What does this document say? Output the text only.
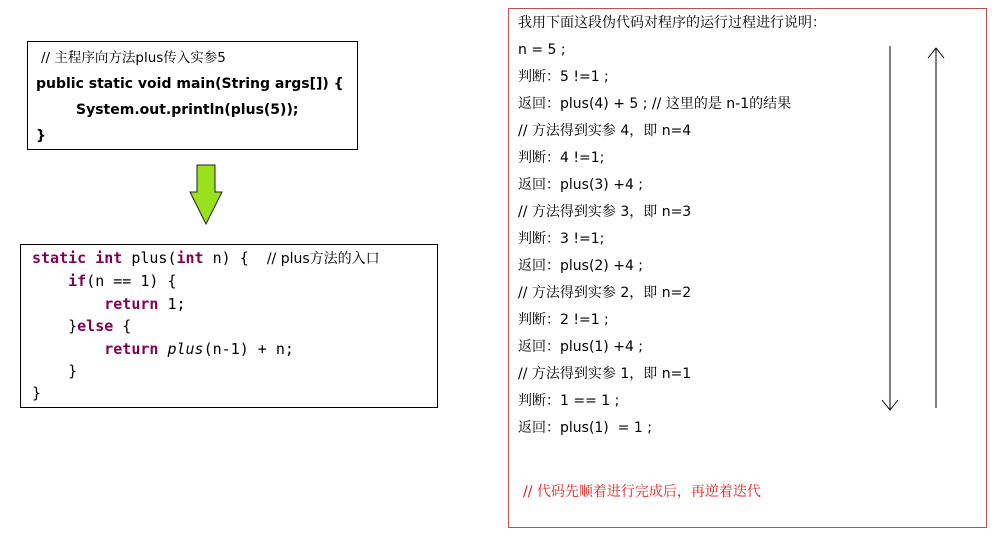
// 主程序向方法plus传入实参5
public static void main(String args[]) {
System.out.println(plus(5));
}
static int plus(int n) {  // plus方法的入口
if(n == 1) {
return 1;
}else {
return plus(n-1) + n;
}
}
我用下面这段伪代码对程序的运行过程进行说明：
n = 5 ;
判断：5 !=1 ;
返回：plus(4) + 5 ; // 这里的是 n-1的结果
// 方法得到实参 4，即 n=4
判断：4 !=1;
返回：plus(3) +4 ;
// 方法得到实参 3，即 n=3
判断：3 !=1;
返回：plus(2) +4 ;
// 方法得到实参 2，即 n=2
判断：2 !=1 ;
返回：plus(1) +4 ;
// 方法得到实参 1，即 n=1
判断：1 == 1 ;
返回：plus(1)  = 1 ;
// 代码先顺着进行完成后，再逆着迭代
